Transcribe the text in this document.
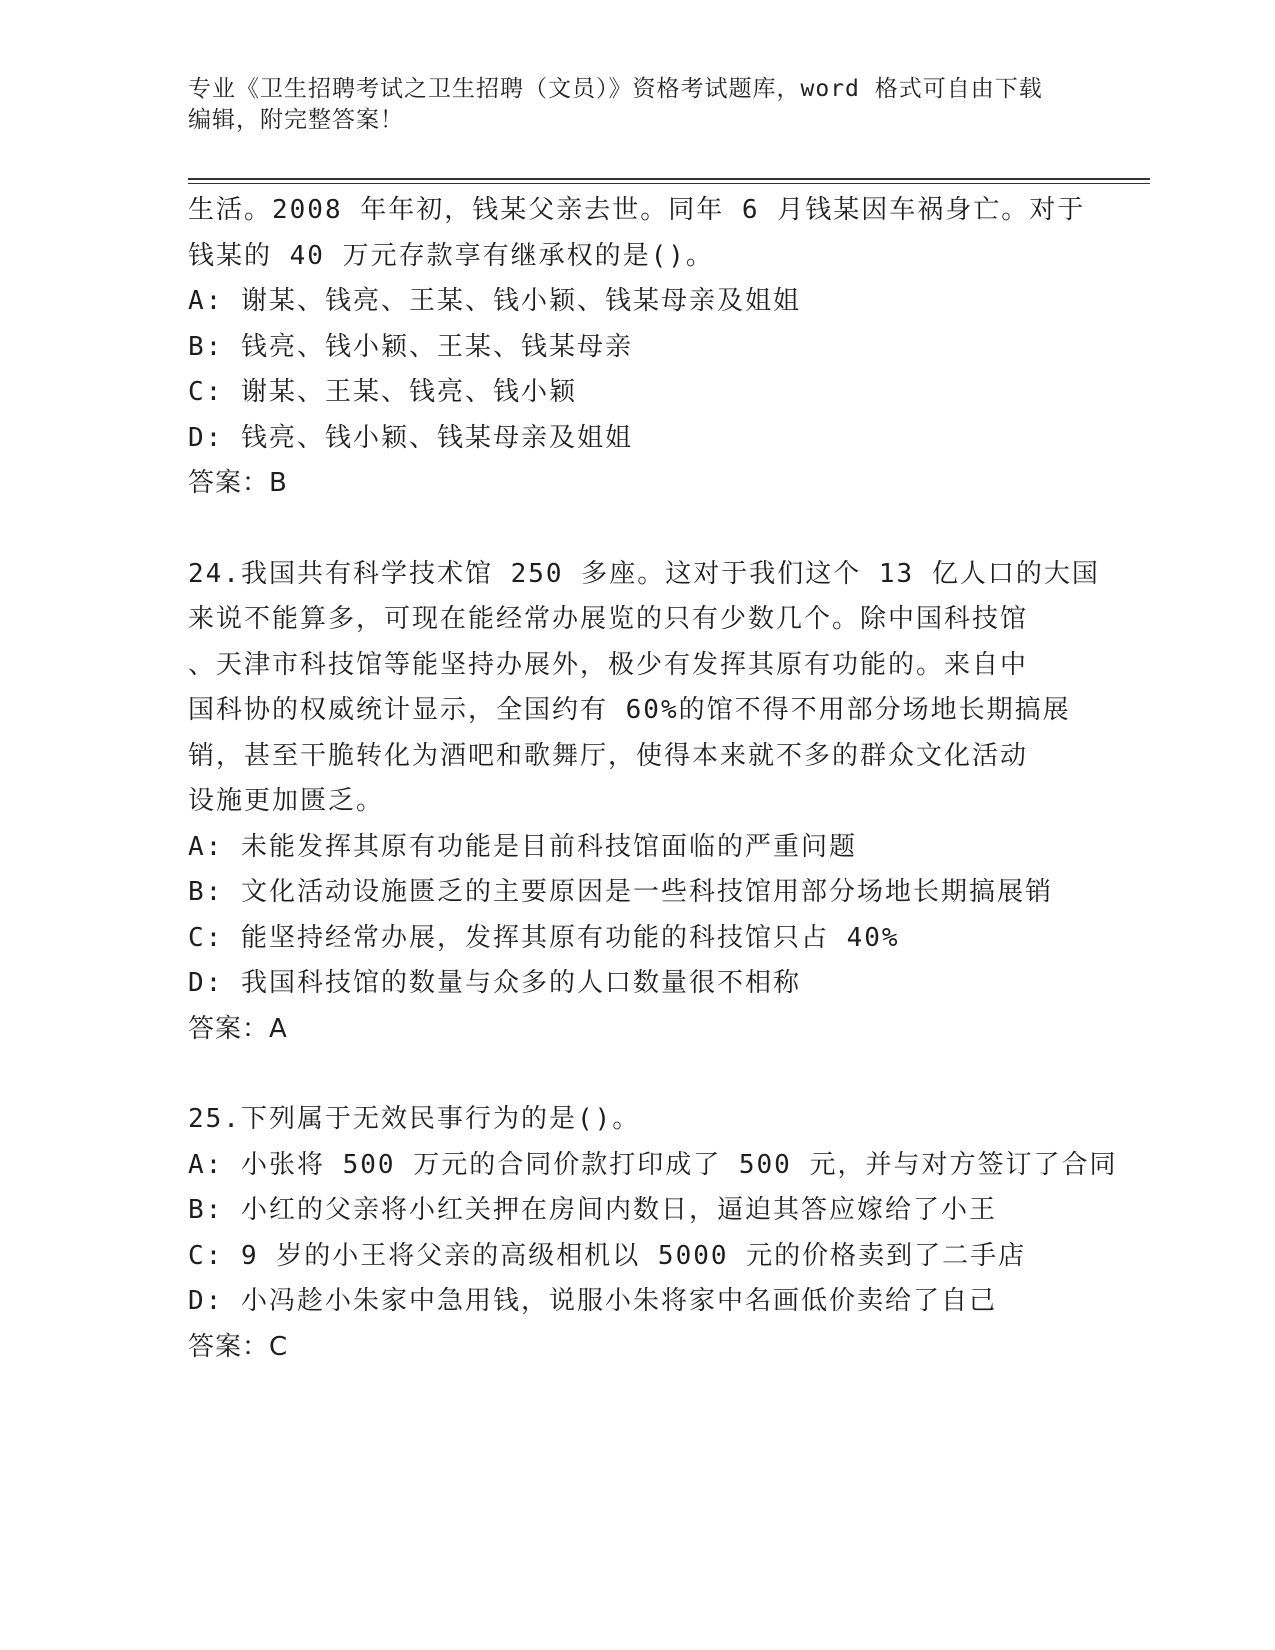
专业《卫生招聘考试之卫生招聘（文员）》资格考试题库，word 格式可自由下载
编辑，附完整答案！
生活。2008 年年初，钱某父亲去世。同年 6 月钱某因车祸身亡。对于
钱某的 40 万元存款享有继承权的是()。
A: 谢某、钱亮、王某、钱小颖、钱某母亲及姐姐
B: 钱亮、钱小颖、王某、钱某母亲
C: 谢某、王某、钱亮、钱小颖
D: 钱亮、钱小颖、钱某母亲及姐姐
答案：B
24.我国共有科学技术馆 250 多座。这对于我们这个 13 亿人口的大国
来说不能算多，可现在能经常办展览的只有少数几个。除中国科技馆
、天津市科技馆等能坚持办展外，极少有发挥其原有功能的。来自中
国科协的权威统计显示，全国约有 60%的馆不得不用部分场地长期搞展
销，甚至干脆转化为酒吧和歌舞厅，使得本来就不多的群众文化活动
设施更加匮乏。
A: 未能发挥其原有功能是目前科技馆面临的严重问题
B: 文化活动设施匮乏的主要原因是一些科技馆用部分场地长期搞展销
C: 能坚持经常办展，发挥其原有功能的科技馆只占 40%
D: 我国科技馆的数量与众多的人口数量很不相称
答案：A
25.下列属于无效民事行为的是()。
A: 小张将 500 万元的合同价款打印成了 500 元，并与对方签订了合同
B: 小红的父亲将小红关押在房间内数日，逼迫其答应嫁给了小王
C: 9 岁的小王将父亲的高级相机以 5000 元的价格卖到了二手店
D: 小冯趁小朱家中急用钱，说服小朱将家中名画低价卖给了自己
答案：C
